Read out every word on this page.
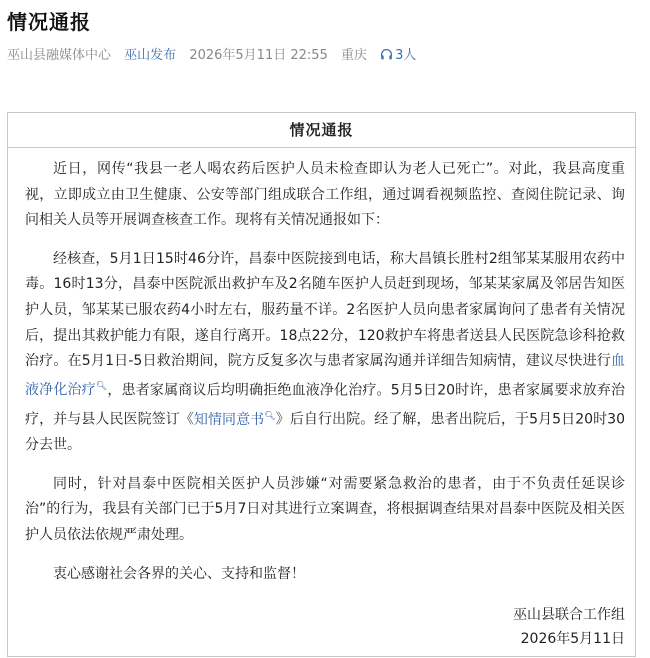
情况通报
巫山县融媒体中心 巫山发布 2026年5月11日 22:55 重庆 3人
情况通报

近日，网传“我县一老人喝农药后医护人员未检查即认为老人已死亡”。对此，我县高度重视，立即成立由卫生健康、公安等部门组成联合工作组，通过调看视频监控、查阅住院记录、询问相关人员等开展调查核查工作。现将有关情况通报如下：

经核查，5月1日15时46分许，昌泰中医院接到电话，称大昌镇长胜村2组邹某某服用农药中毒。16时13分，昌泰中医院派出救护车及2名随车医护人员赶到现场，邹某某家属及邻居告知医护人员，邹某某已服农药4小时左右，服药量不详。2名医护人员向患者家属询问了患者有关情况后，提出其救护能力有限，遂自行离开。18点22分，120救护车将患者送县人民医院急诊科抢救治疗。在5月1日-5日救治期间，院方反复多次与患者家属沟通并详细告知病情，建议尽快进行血液净化治疗🔍︎，患者家属商议后均明确拒绝血液净化治疗。5月5日20时许，患者家属要求放弃治疗，并与县人民医院签订《知情同意书🔍︎》后自行出院。经了解，患者出院后，于5月5日20时30分去世。

同时，针对昌泰中医院相关医护人员涉嫌“对需要紧急救治的患者，由于不负责任延误诊治”的行为，我县有关部门已于5月7日对其进行立案调查，将根据调查结果对昌泰中医院及相关医护人员依法依规严肃处理。

衷心感谢社会各界的关心、支持和监督！

巫山县联合工作组
2026年5月11日
